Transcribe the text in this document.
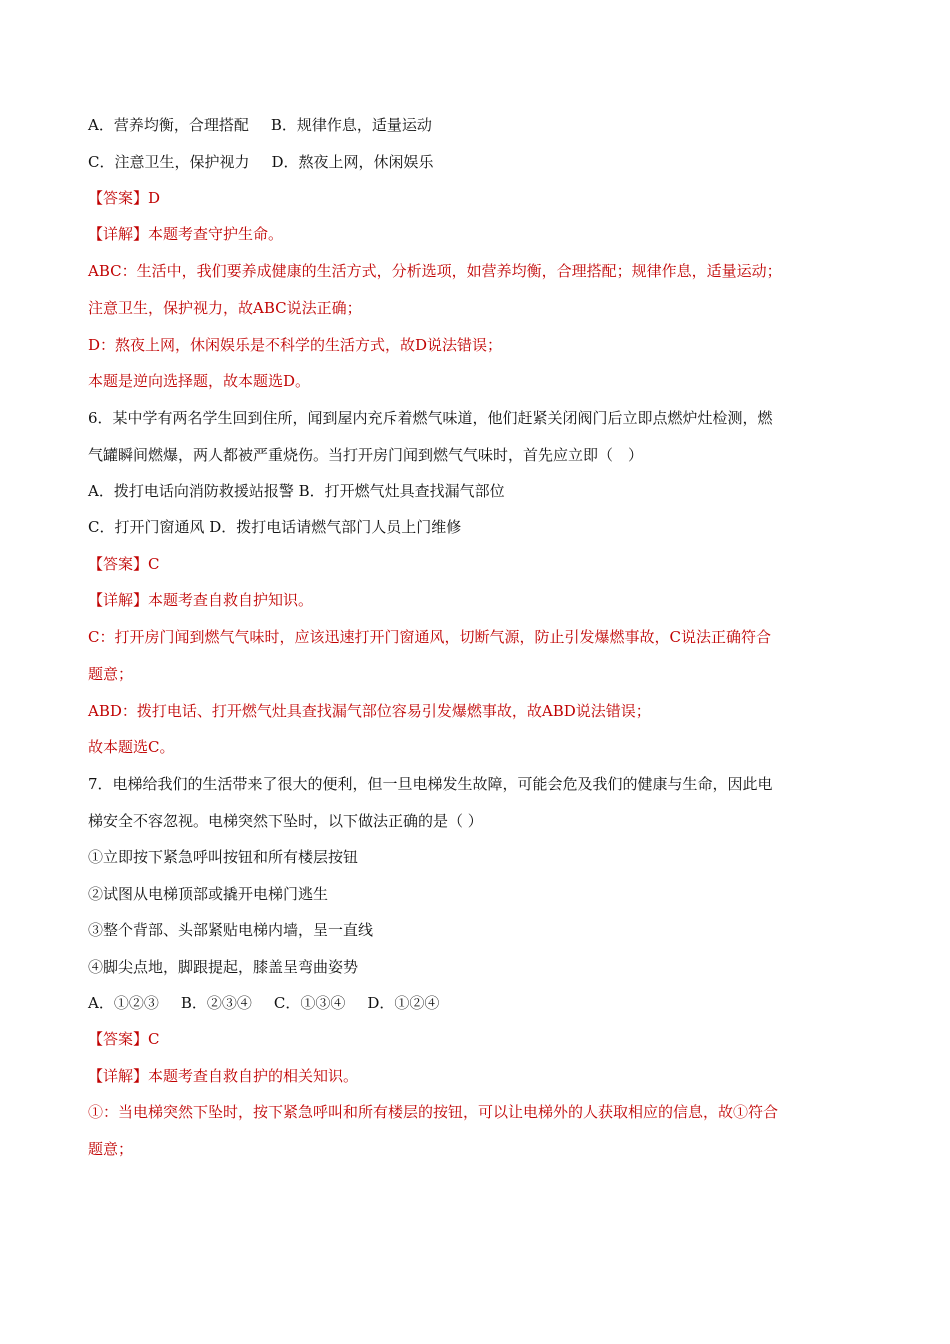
A．营养均衡，合理搭配 B．规律作息，适量运动
C．注意卫生，保护视力 D．熬夜上网，休闲娱乐
【答案】D
【详解】本题考查守护生命。
ABC：生活中，我们要养成健康的生活方式，分析选项，如营养均衡，合理搭配；规律作息，适量运动；
注意卫生，保护视力，故ABC说法正确；
D：熬夜上网，休闲娱乐是不科学的生活方式，故D说法错误；
本题是逆向选择题，故本题选D。
6．某中学有两名学生回到住所，闻到屋内充斥着燃气味道，他们赶紧关闭阀门后立即点燃炉灶检测，燃
气罐瞬间燃爆，两人都被严重烧伤。当打开房门闻到燃气气味时，首先应立即（　）
A．拨打电话向消防救援站报警 B．打开燃气灶具查找漏气部位
C．打开门窗通风 D．拨打电话请燃气部门人员上门维修
【答案】C
【详解】本题考查自救自护知识。
C：打开房门闻到燃气气味时，应该迅速打开门窗通风，切断气源，防止引发爆燃事故，C说法正确符合
题意；
ABD：拨打电话、打开燃气灶具查找漏气部位容易引发爆燃事故，故ABD说法错误；
故本题选C。
7．电梯给我们的生活带来了很大的便利，但一旦电梯发生故障，可能会危及我们的健康与生命，因此电
梯安全不容忽视。电梯突然下坠时，以下做法正确的是（ ）
①立即按下紧急呼叫按钮和所有楼层按钮
②试图从电梯顶部或撬开电梯门逃生
③整个背部、头部紧贴电梯内墙，呈一直线
④脚尖点地，脚跟提起，膝盖呈弯曲姿势
A．①②③ B．②③④ C．①③④ D．①②④
【答案】C
【详解】本题考查自救自护的相关知识。
①：当电梯突然下坠时，按下紧急呼叫和所有楼层的按钮，可以让电梯外的人获取相应的信息，故①符合
题意；
